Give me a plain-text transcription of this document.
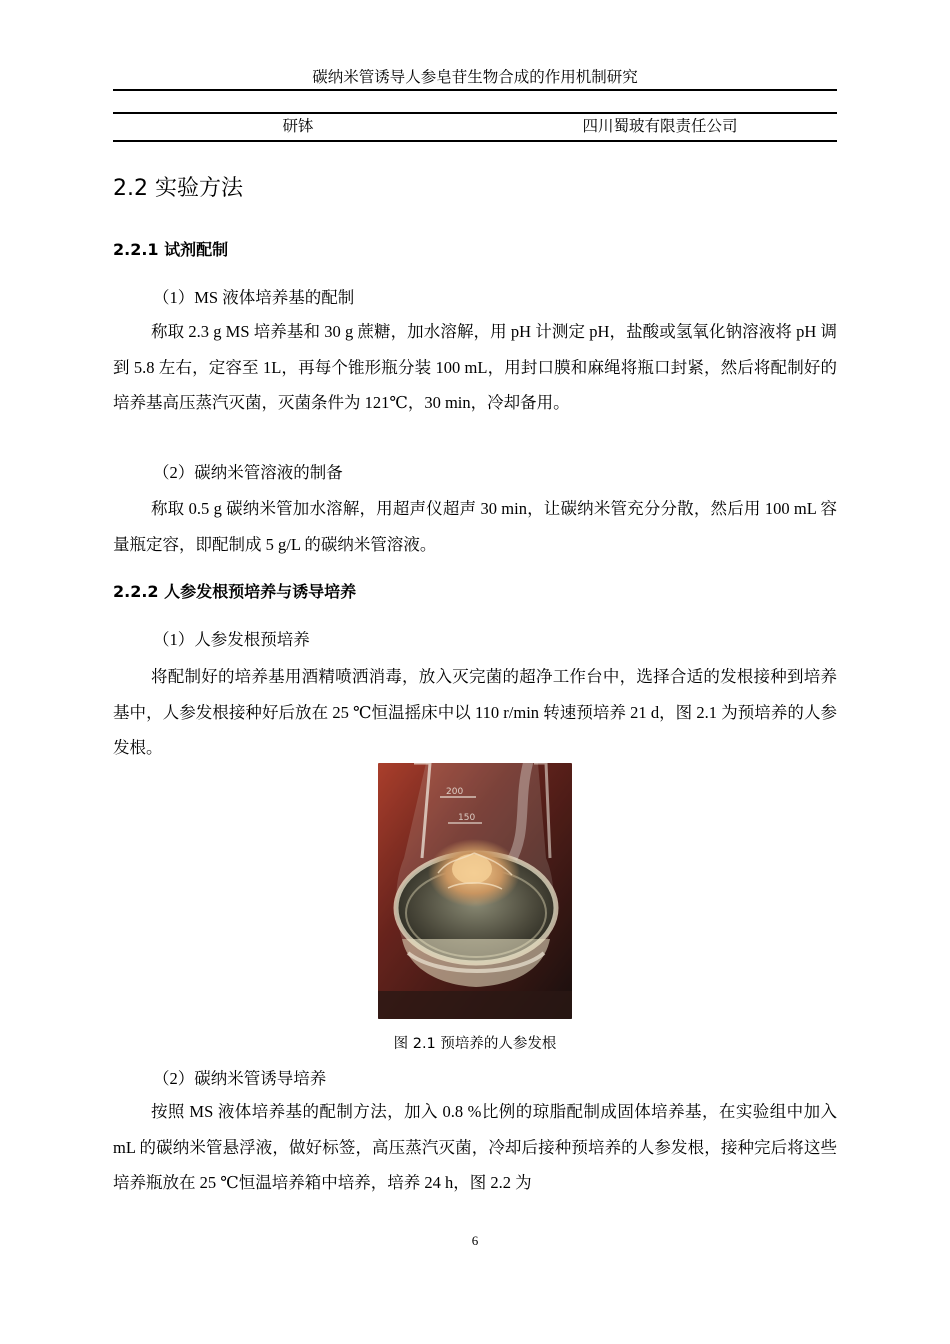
碳纳米管诱导人参皂苷生物合成的作用机制研究
研钵	四川蜀玻有限责任公司
2.2 实验方法
2.2.1 试剂配制
（1）MS 液体培养基的配制

称取 2.3 g MS 培养基和 30 g 蔗糖，加水溶解，用 pH 计测定 pH，盐酸或氢氧化钠溶液将 pH 调到 5.8 左右，定容至 1L，再每个锥形瓶分装 100 mL，用封口膜和麻绳将瓶口封紧，然后将配制好的培养基高压蒸汽灭菌，灭菌条件为 121℃，30 min，冷却备用。

（2）碳纳米管溶液的制备

称取 0.5 g 碳纳米管加水溶解，用超声仪超声 30 min，让碳纳米管充分分散，然后用 100 mL 容量瓶定容，即配制成 5 g/L 的碳纳米管溶液。

2.2.2 人参发根预培养与诱导培养
（1）人参发根预培养

将配制好的培养基用酒精喷洒消毒，放入灭完菌的超净工作台中，选择合适的发根接种到培养基中，人参发根接种好后放在 25 ℃恒温摇床中以 110 r/min 转速预培养 21 d，图 2.1 为预培养的人参发根。

200
150
图 2.1 预培养的人参发根
（2）碳纳米管诱导培养

按照 MS 液体培养基的配制方法，加入 0.8 %比例的琼脂配制成固体培养基，在实验组中加入 mL 的碳纳米管悬浮液，做好标签，高压蒸汽灭菌，冷却后接种预培养的人参发根，接种完后将这些培养瓶放在 25 ℃恒温培养箱中培养，培养 24 h，图 2.2 为

6
